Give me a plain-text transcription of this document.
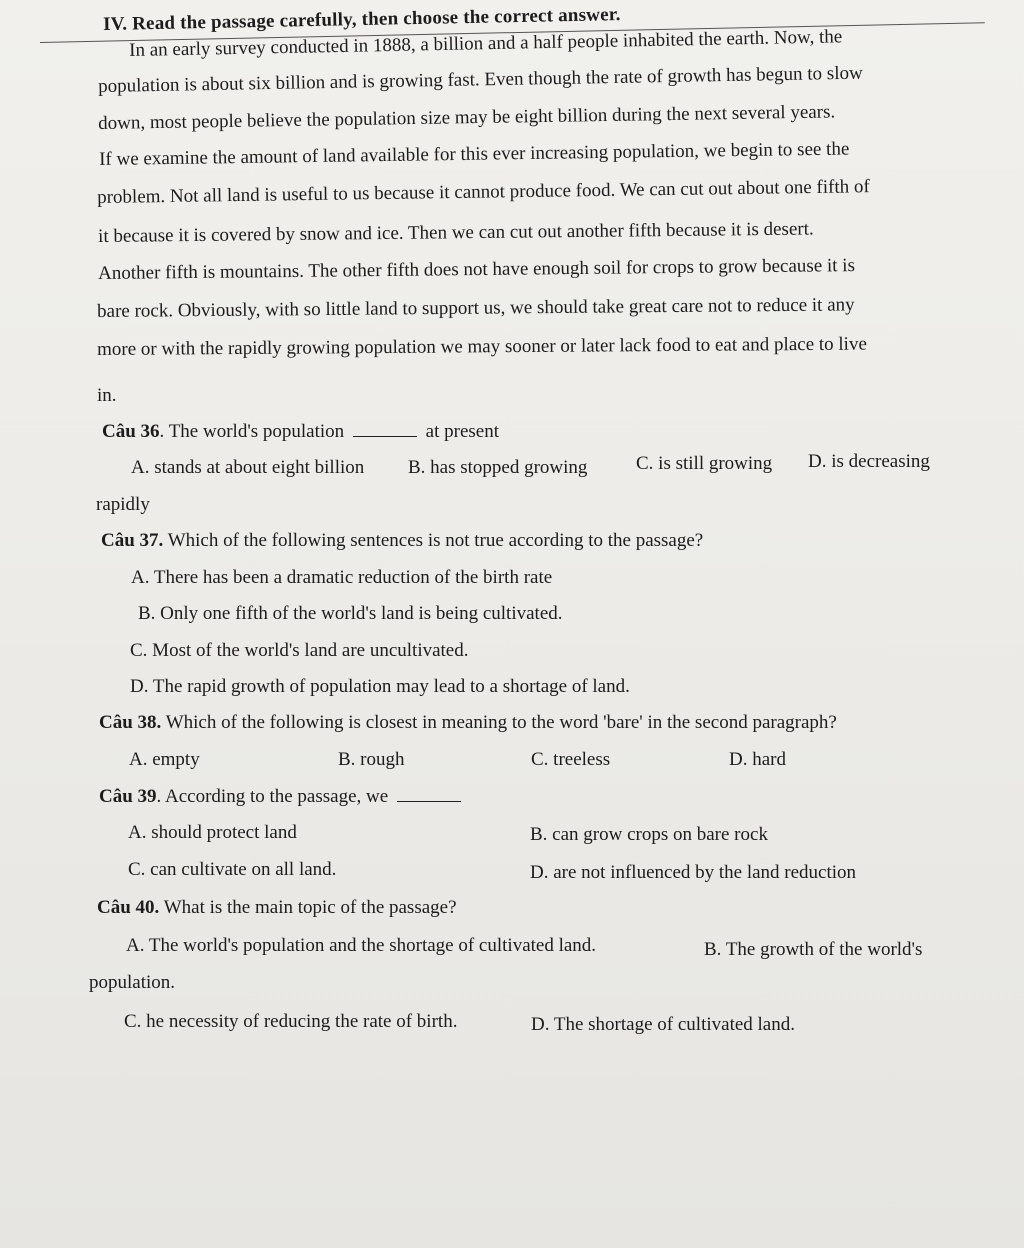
IV. Read the passage carefully, then choose the correct answer.
In an early survey conducted in 1888, a billion and a half people inhabited the earth. Now, the
population is about six billion and is growing fast. Even though the rate of growth has begun to slow
down, most people believe the population size may be eight billion during the next several years.
If we examine the amount of land available for this ever increasing population, we begin to see the
problem. Not all land is useful to us because it cannot produce food. We can cut out about one fifth of
it because it is covered by snow and ice. Then we can cut out another fifth because it is desert.
Another fifth is mountains. The other fifth does not have enough soil for crops to grow because it is
bare rock. Obviously, with so little land to support us, we should take great care not to reduce it any
more or with the rapidly growing population we may sooner or later lack food to eat and place to live
in.
Câu 36. The world's population	at present
A. stands at about eight billion B. has stopped growing	C. is still growing D. is decreasing
rapidly
Câu 37. Which of the following sentences is not true according to the passage?
A. There has been a dramatic reduction of the birth rate
B. Only one fifth of the world's land is being cultivated.
C. Most of the world's land are uncultivated.
D. The rapid growth of population may lead to a shortage of land.
Câu 38. Which of the following is closest in meaning to the word 'bare' in the second paragraph?
A. empty	B. rough	C. treeless	D. hard
Câu 39. According to the passage, we
A. should protect land	B. can grow crops on bare rock
C. can cultivate on all land.	D. are not influenced by the land reduction
Câu 40. What is the main topic of the passage?
A. The world's population and the shortage of cultivated land.	B. The growth of the world's
population.
C. he necessity of reducing the rate of birth.	D. The shortage of cultivated land.
